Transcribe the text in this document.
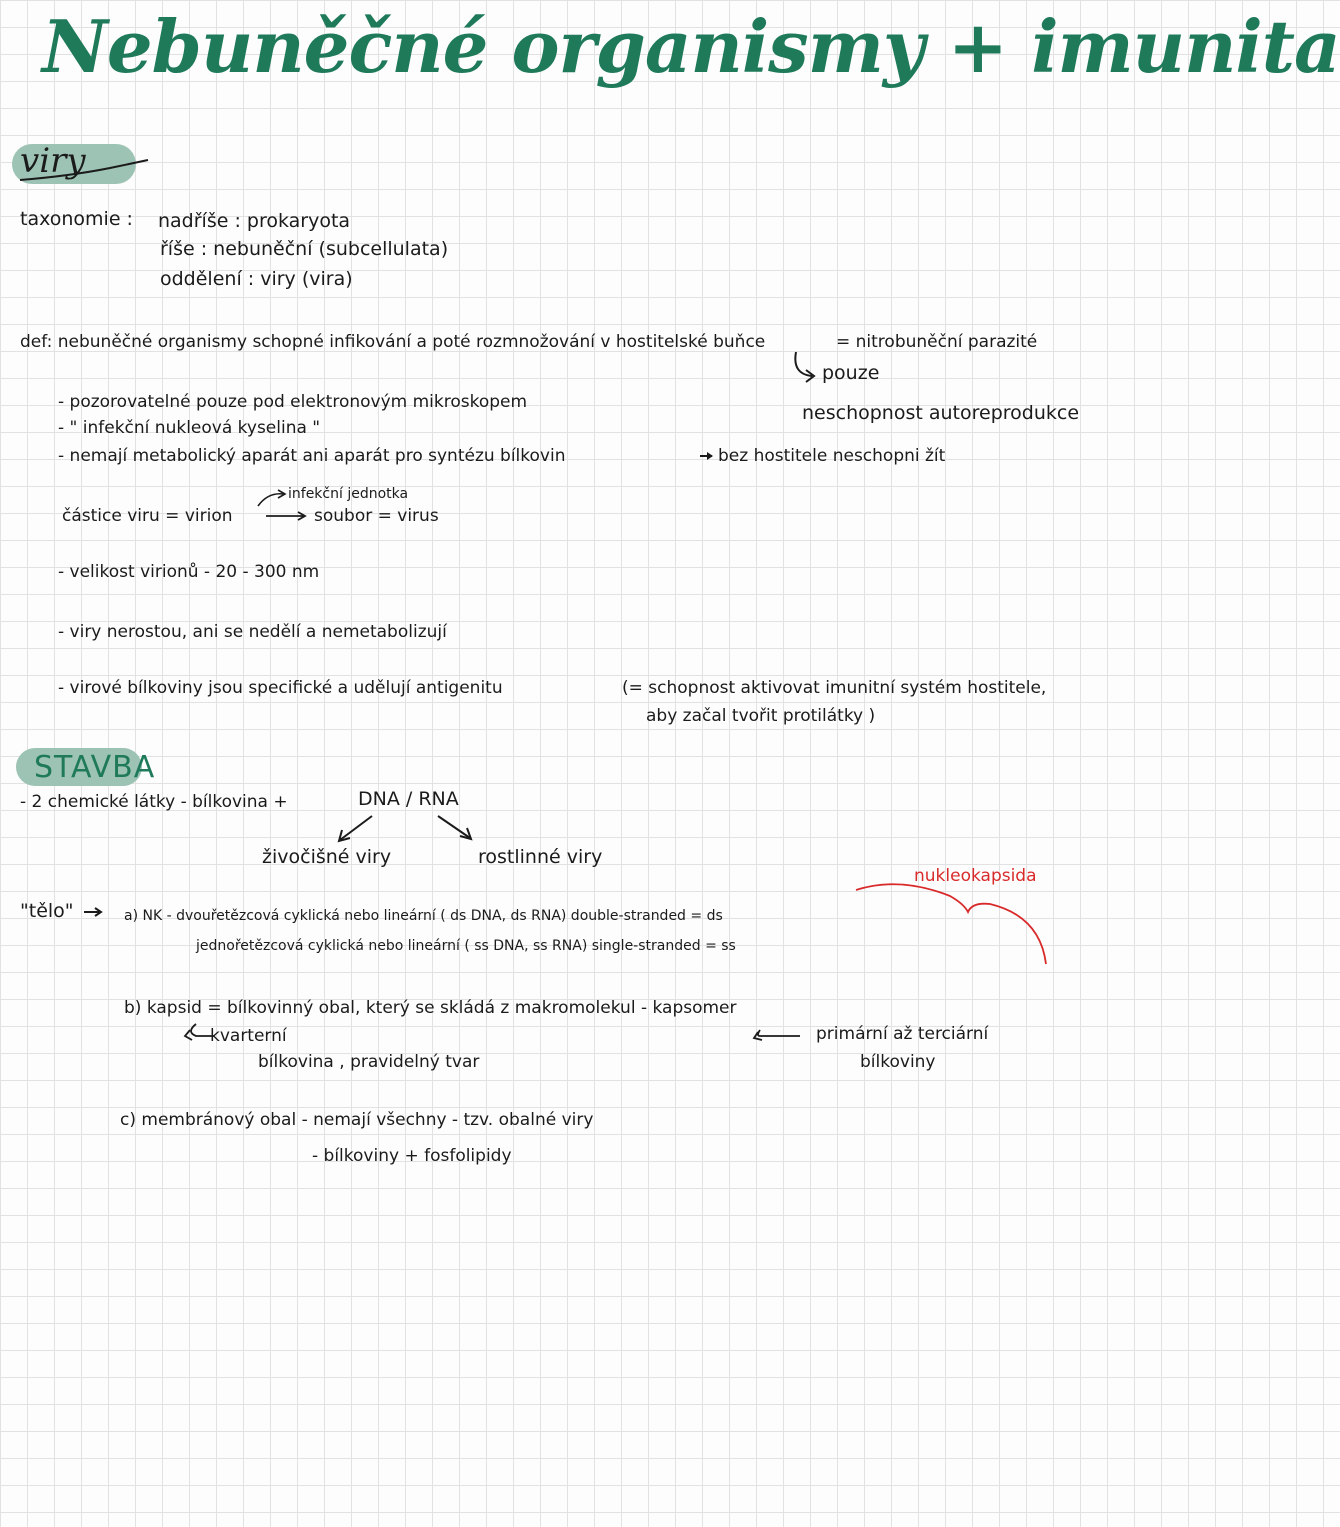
Nebuněčné organismy + imunita
viry
taxonomie : nadříše : prokaryota
říše : nebuněční (subcellulata)
oddělení : viry (vira)
def: nebuněčné organismy schopné infikování a poté rozmnožování v hostitelské buňce	= nitrobuněční parazité
pouze
neschopnost autoreprodukce
- pozorovatelné pouze pod elektronovým mikroskopem
- " infekční nukleová kyselina "
- nemají metabolický aparát ani aparát pro syntézu bílkovin	bez hostitele neschopni žít
částice viru = virion
infekční jednotka
soubor = virus
- velikost virionů - 20 - 300 nm
- viry nerostou, ani se nedělí a nemetabolizují
- virové bílkoviny jsou specifické a udělují antigenitu	(= schopnost aktivovat imunitní systém hostitele,
aby začal tvořit protilátky )
STAVBA
- 2 chemické látky - bílkovina +	DNA / RNA
živočišné viry	rostlinné viry
nukleokapsida
"tělo"	a) NK - dvouřetězcová cyklická nebo lineární ( ds DNA, ds RNA) double-stranded = ds
jednořetězcová cyklická nebo lineární ( ss DNA, ss RNA) single-stranded = ss
b) kapsid = bílkovinný obal, který se skládá z makromolekul - kapsomer
kvarterní
bílkovina , pravidelný tvar
primární až terciární
bílkoviny
c) membránový obal - nemají všechny - tzv. obalné viry
- bílkoviny + fosfolipidy
